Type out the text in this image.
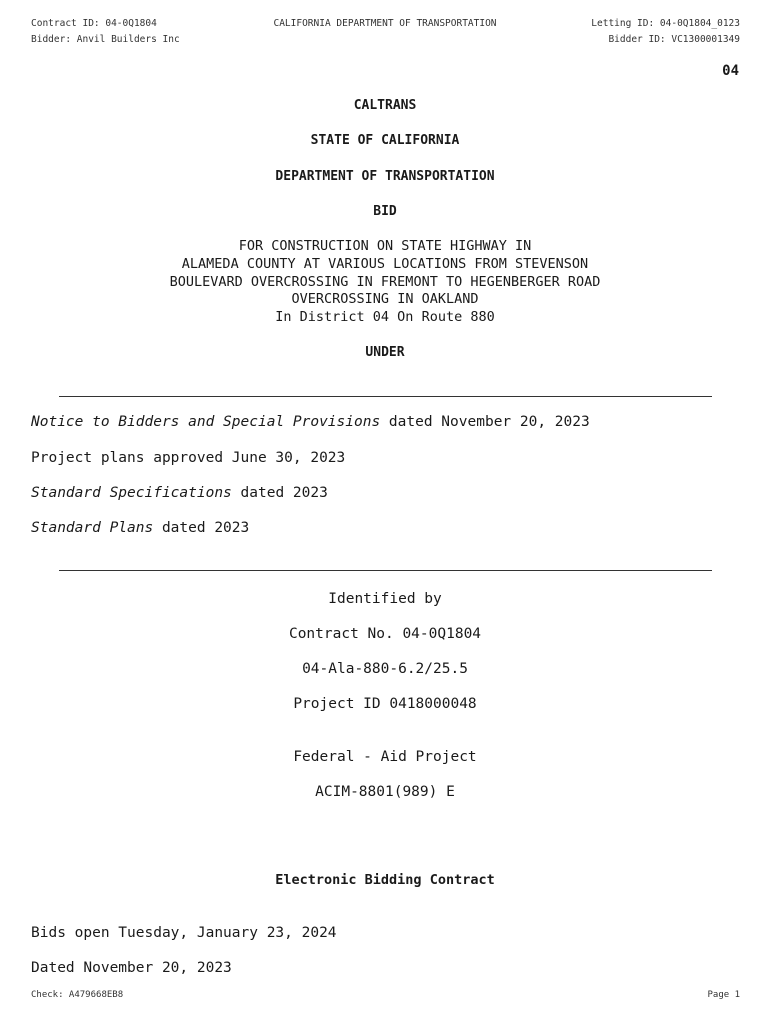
Contract ID: 04-0Q1804	CALIFORNIA DEPARTMENT OF TRANSPORTATION	Letting ID: 04-0Q1804_0123
Bidder: Anvil Builders Inc	Bidder ID: VC1300001349
04
CALTRANS
STATE OF CALIFORNIA
DEPARTMENT OF TRANSPORTATION
BID
FOR CONSTRUCTION ON STATE HIGHWAY IN
ALAMEDA COUNTY AT VARIOUS LOCATIONS FROM STEVENSON
BOULEVARD OVERCROSSING IN FREMONT TO HEGENBERGER ROAD
OVERCROSSING IN OAKLAND
In District 04 On Route 880
UNDER
Notice to Bidders and Special Provisions dated November 20, 2023
Project plans approved June 30, 2023
Standard Specifications dated 2023
Standard Plans dated 2023
Identified by
Contract No. 04-0Q1804
04-Ala-880-6.2/25.5
Project ID 0418000048
Federal - Aid Project
ACIM-8801(989) E
Electronic Bidding Contract
Bids open Tuesday, January 23, 2024
Dated November 20, 2023
Check: A479668EB8	Page 1
